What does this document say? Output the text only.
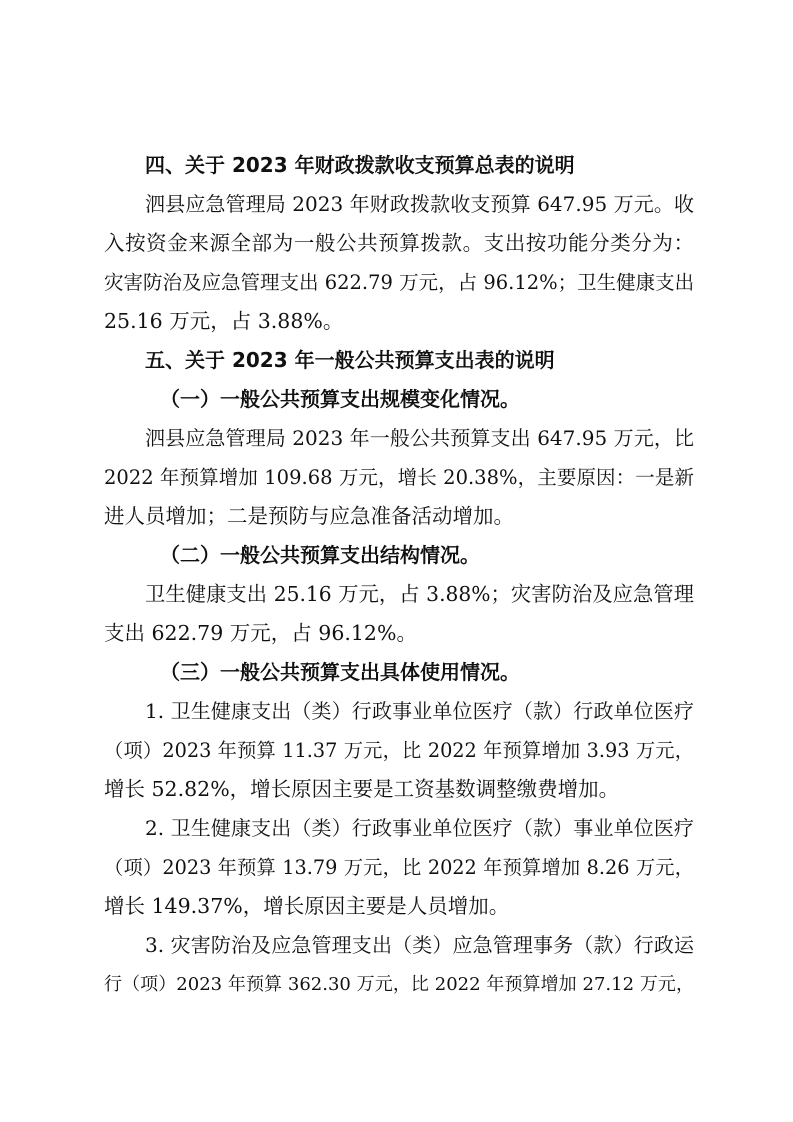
四、关于 2023 年财政拨款收支预算总表的说明
泗县应急管理局 2023 年财政拨款收支预算 647.95 万元。收
入按资金来源全部为一般公共预算拨款。支出按功能分类分为：
灾害防治及应急管理支出 622.79 万元，占 96.12%；卫生健康支出
25.16 万元，占 3.88%。
五、关于 2023 年一般公共预算支出表的说明
（一）一般公共预算支出规模变化情况。
泗县应急管理局 2023 年一般公共预算支出 647.95 万元，比
2022 年预算增加 109.68 万元，增长 20.38%，主要原因：一是新
进人员增加；二是预防与应急准备活动增加。
（二）一般公共预算支出结构情况。
卫生健康支出 25.16 万元，占 3.88%；灾害防治及应急管理
支出 622.79 万元，占 96.12%。
（三）一般公共预算支出具体使用情况。
1. 卫生健康支出（类）行政事业单位医疗（款）行政单位医疗
（项）2023 年预算 11.37 万元，比 2022 年预算增加 3.93 万元，
增长 52.82%，增长原因主要是工资基数调整缴费增加。
2. 卫生健康支出（类）行政事业单位医疗（款）事业单位医疗
（项）2023 年预算 13.79 万元，比 2022 年预算增加 8.26 万元，
增长 149.37%，增长原因主要是人员增加。
3. 灾害防治及应急管理支出（类）应急管理事务（款）行政运
行（项）2023 年预算 362.30 万元，比 2022 年预算增加 27.12 万元，
